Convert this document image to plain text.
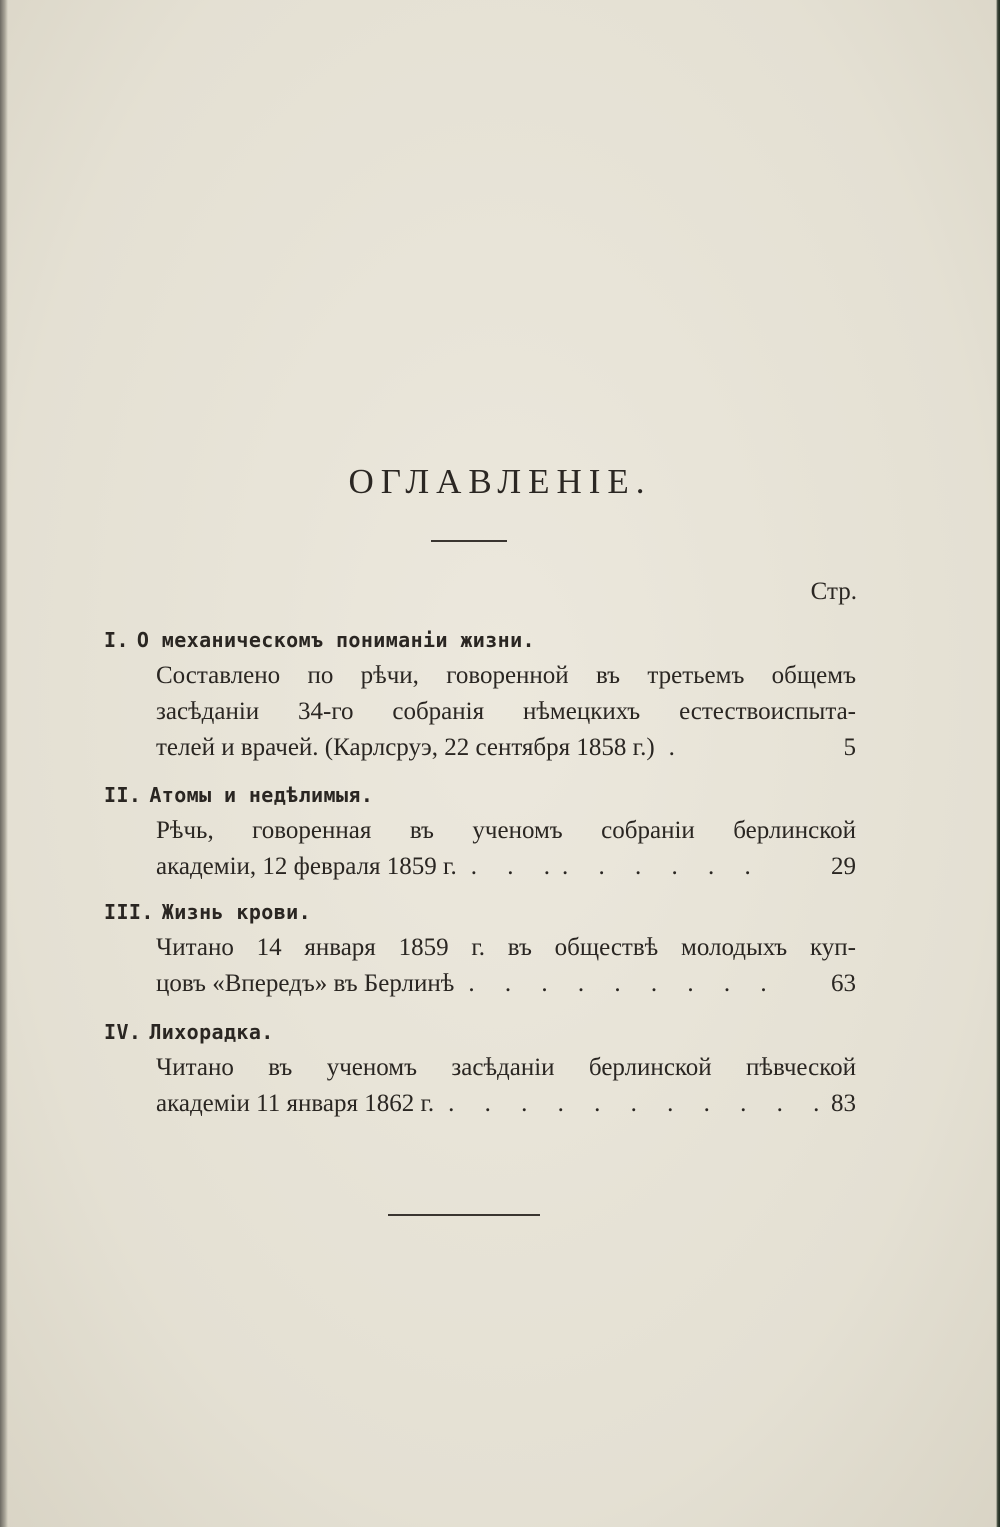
ОГЛАВЛЕНІЕ.
Стр.
I. О механическомъ пониманіи жизни.
Составлено по рѣчи, говоренной въ третьемъ общемъ
засѣданіи 34-го собранія нѣмецкихъ естествоиспыта-
телей и врачей. (Карлсруэ, 22 сентября 1858 г.) .	5
II. Атомы и недѣлимыя.
Рѣчь, говоренная въ ученомъ собраніи берлинской
академіи, 12 февраля 1859 г. . . .. . . . . .	29
III. Жизнь крови.
Читано 14 января 1859 г. въ обществѣ молодыхъ куп-
цовъ «Впередъ» въ Берлинѣ . . . . . . . . . 63
IV. Лихорадка.
Читано въ ученомъ засѣданіи берлинской пѣвческой
академіи 11 января 1862 г. . . . . . . . . . . . 83
